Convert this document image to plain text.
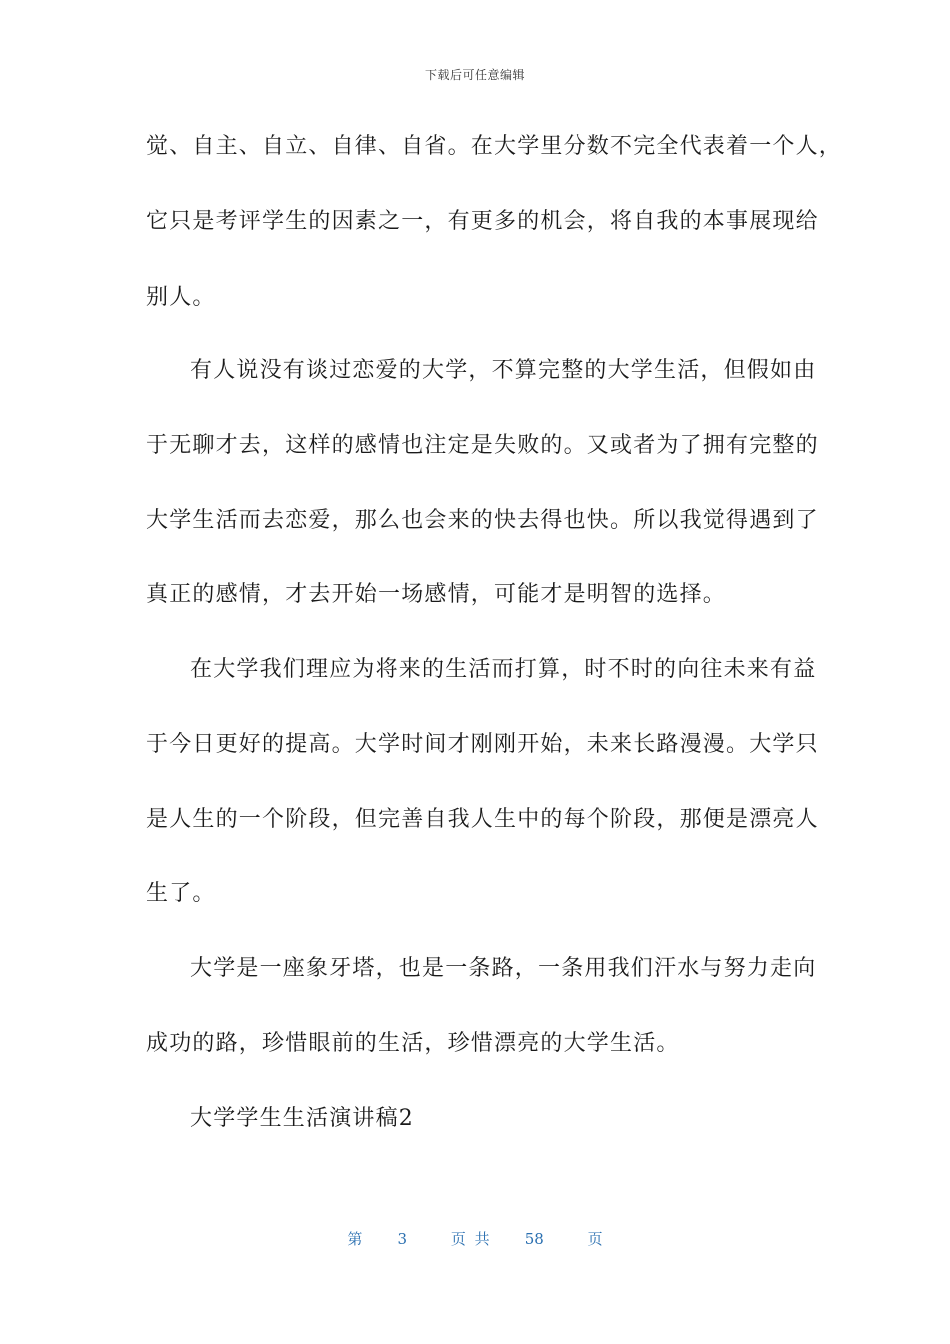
下载后可任意编辑
觉、自主、自立、自律、自省。在大学里分数不完全代表着一个人，
它只是考评学生的因素之一，有更多的机会，将自我的本事展现给
别人。
有人说没有谈过恋爱的大学，不算完整的大学生活，但假如由
于无聊才去，这样的感情也注定是失败的。又或者为了拥有完整的
大学生活而去恋爱，那么也会来的快去得也快。所以我觉得遇到了
真正的感情，才去开始一场感情，可能才是明智的选择。
在大学我们理应为将来的生活而打算，时不时的向往未来有益
于今日更好的提高。大学时间才刚刚开始，未来长路漫漫。大学只
是人生的一个阶段，但完善自我人生中的每个阶段，那便是漂亮人
生了。
大学是一座象牙塔，也是一条路，一条用我们汗水与努力走向
成功的路，珍惜眼前的生活，珍惜漂亮的大学生活。
大学学生生活演讲稿2
第 3	页 共 58	页
